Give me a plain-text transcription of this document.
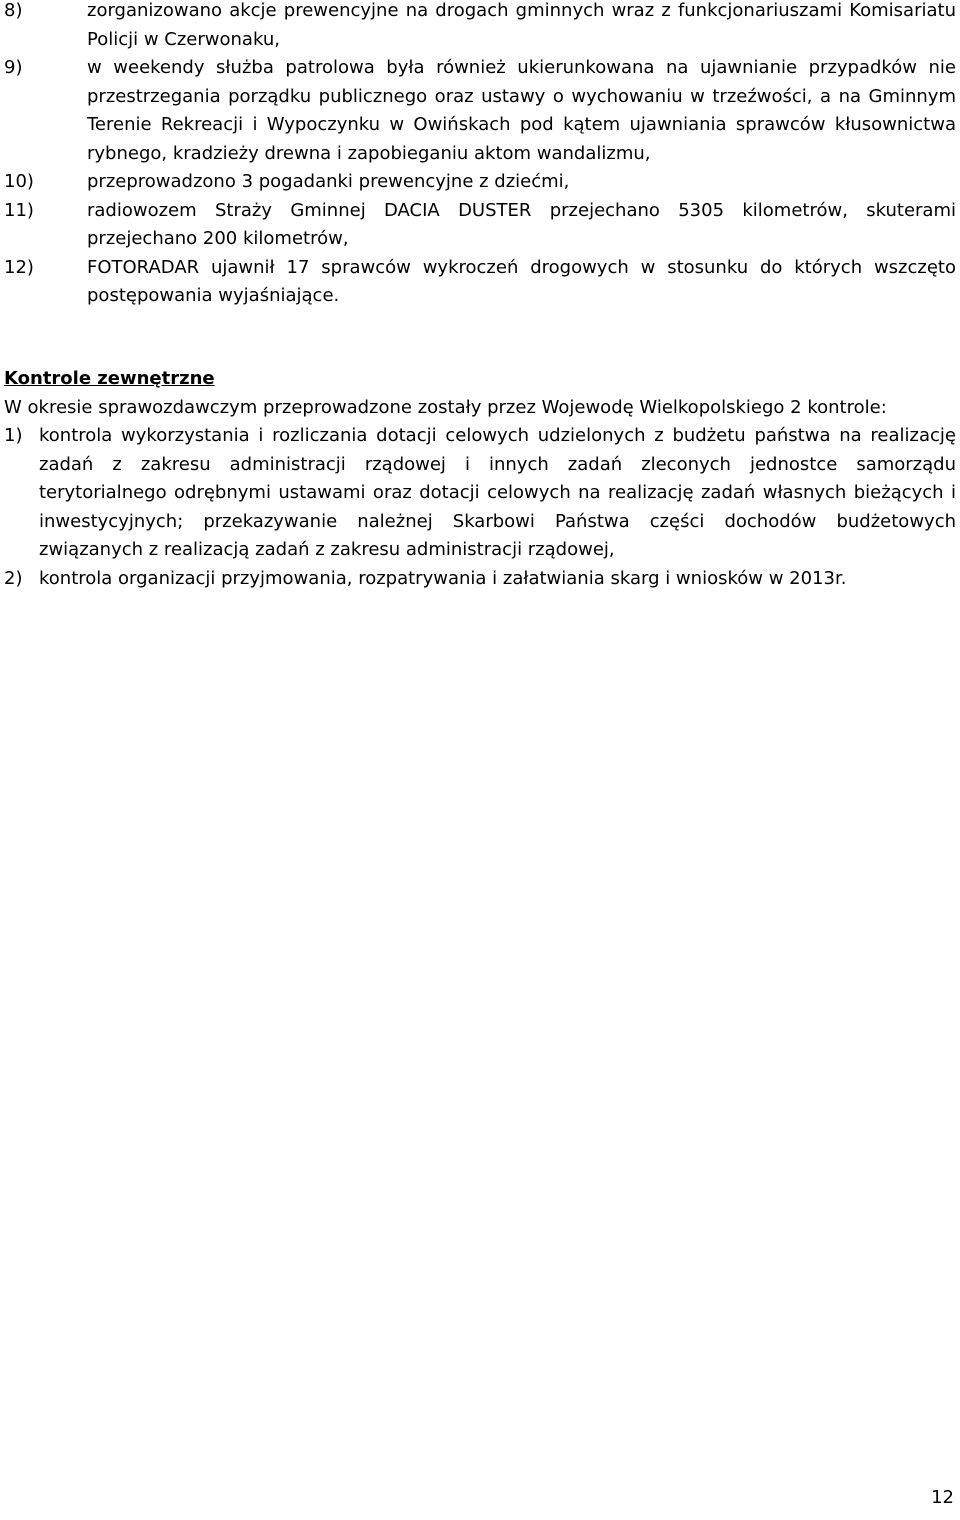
8)	zorganizowano akcje prewencyjne na drogach gminnych wraz z funkcjonariuszami Komisariatu Policji w Czerwonaku,
9)	w weekendy służba patrolowa była również ukierunkowana na ujawnianie przypadków nie przestrzegania porządku publicznego oraz ustawy o wychowaniu w trzeźwości, a na Gminnym Terenie Rekreacji i Wypoczynku w Owińskach pod kątem ujawniania sprawców kłusownictwa rybnego, kradzieży drewna i zapobieganiu aktom wandalizmu,
10)	przeprowadzono 3 pogadanki prewencyjne z dziećmi,
11)	radiowozem Straży Gminnej DACIA DUSTER przejechano 5305 kilometrów, skuterami przejechano 200 kilometrów,
12)	FOTORADAR ujawnił 17 sprawców wykroczeń drogowych w stosunku do których wszczęto postępowania wyjaśniające.
Kontrole zewnętrzne
W okresie sprawozdawczym przeprowadzone zostały przez Wojewodę Wielkopolskiego 2 kontrole:
1) kontrola wykorzystania i rozliczania dotacji celowych udzielonych z budżetu państwa na realizację zadań z zakresu administracji rządowej i innych zadań zleconych jednostce samorządu terytorialnego odrębnymi ustawami oraz dotacji celowych na realizację zadań własnych bieżących i inwestycyjnych; przekazywanie należnej Skarbowi Państwa części dochodów budżetowych związanych z realizacją zadań z zakresu administracji rządowej,
2) kontrola organizacji przyjmowania, rozpatrywania i załatwiania skarg i wniosków w 2013r.
12
